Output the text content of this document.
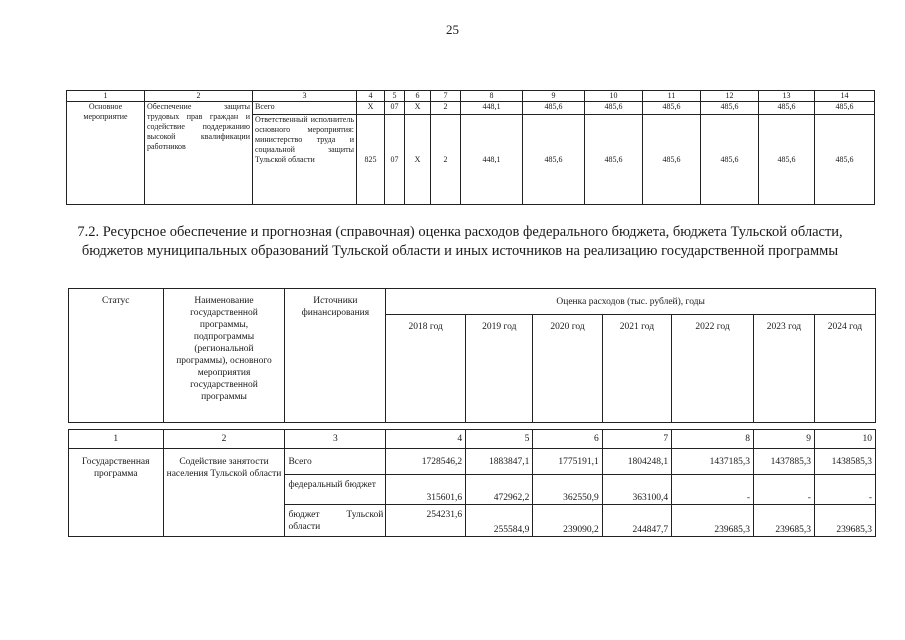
25
1	2	3	4	5	6	7	8	9	10	11	12	13	14
Основное мероприятие	Обеспечение защиты трудовых прав граждан и содействие поддержанию высокой квалификации работников	Всего	X	07	X	2	448,1	485,6	485,6	485,6	485,6	485,6	485,6
		Ответственный исполнитель основного мероприятия: министерство труда и социальной защиты Тульской области	825	07	X	2	448,1	485,6	485,6	485,6	485,6	485,6	485,6
7.2. Ресурсное обеспечение и прогнозная (справочная) оценка расходов федерального бюджета, бюджета Тульской области, бюджетов муниципальных образований Тульской области и иных источников на реализацию государственной программы
Статус	Наименование государственной программы, подпрограммы (региональной программы), основного мероприятия государственной программы	Источники финансирования	Оценка расходов (тыс. рублей), годы						
			2018 год	2019 год	2020 год	2021 год	2022 год	2023 год	2024 год

1	2	3	4	5	6	7	8	9	10
Государственная программа	Содействие занятости населения Тульской области	Всего	1728546,2	1883847,1	1775191,1	1804248,1	1437185,3	1437885,3	1438585,3
		федеральный бюджет	315601,6	472962,2	362550,9	363100,4	-	-	-
		бюджет Тульской области	254231,6	255584,9	239090,2	244847,7	239685,3	239685,3	239685,3
